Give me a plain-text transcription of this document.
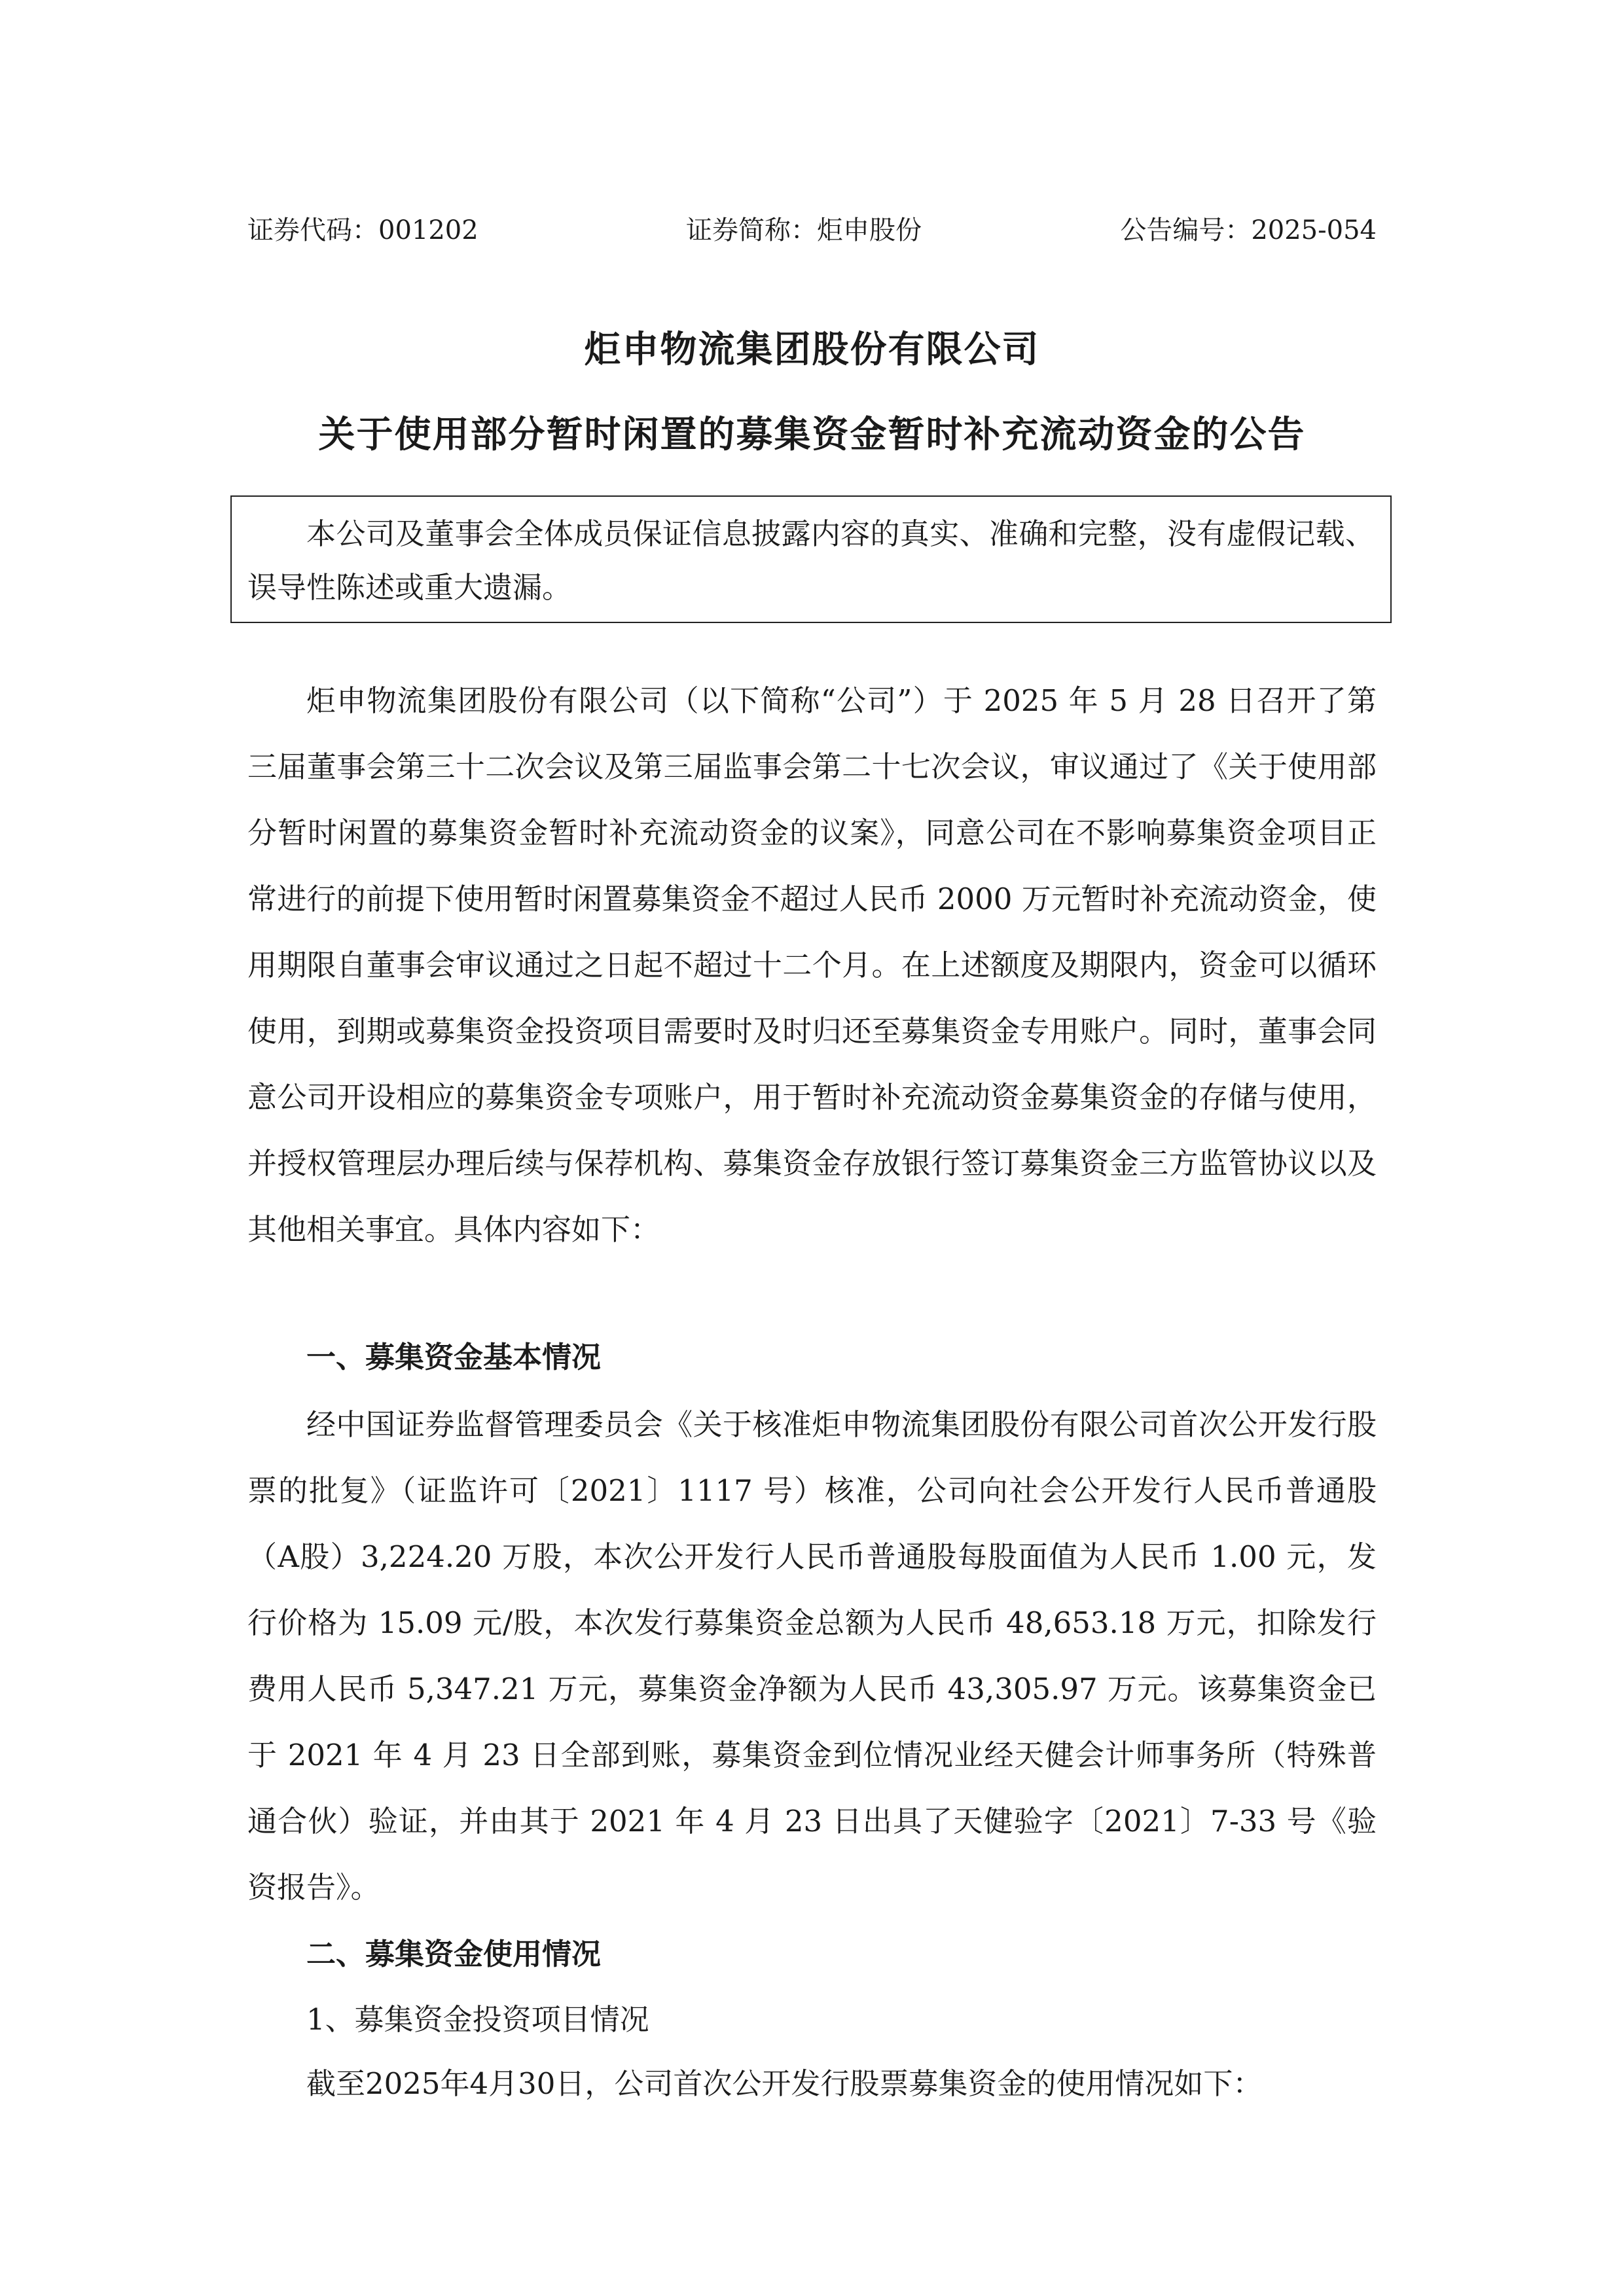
证券代码：001202	证券简称：炬申股份	公告编号：2025-054
炬申物流集团股份有限公司
关于使用部分暂时闲置的募集资金暂时补充流动资金的公告
本公司及董事会全体成员保证信息披露内容的真实、准确和完整，没有虚假记载、误导性陈述或重大遗漏。

炬申物流集团股份有限公司（以下简称“公司”）于 2025 年 5 月 28 日召开了第三届董事会第三十二次会议及第三届监事会第二十七次会议，审议通过了《关于使用部分暂时闲置的募集资金暂时补充流动资金的议案》，同意公司在不影响募集资金项目正常进行的前提下使用暂时闲置募集资金不超过人民币 2000 万元暂时补充流动资金，使用期限自董事会审议通过之日起不超过十二个月。在上述额度及期限内，资金可以循环使用，到期或募集资金投资项目需要时及时归还至募集资金专用账户。同时，董事会同意公司开设相应的募集资金专项账户，用于暂时补充流动资金募集资金的存储与使用，并授权管理层办理后续与保荐机构、募集资金存放银行签订募集资金三方监管协议以及其他相关事宜。具体内容如下：

一、募集资金基本情况

经中国证券监督管理委员会《关于核准炬申物流集团股份有限公司首次公开发行股票的批复》（证监许可〔2021〕1117 号）核准，公司向社会公开发行人民币普通股（A股）3,224.20 万股，本次公开发行人民币普通股每股面值为人民币 1.00 元，发行价格为 15.09 元/股，本次发行募集资金总额为人民币 48,653.18 万元，扣除发行费用人民币 5,347.21 万元，募集资金净额为人民币 43,305.97 万元。该募集资金已于 2021 年 4 月 23 日全部到账，募集资金到位情况业经天健会计师事务所（特殊普通合伙）验证，并由其于 2021 年 4 月 23 日出具了天健验字〔2021〕7-33 号《验资报告》。

二、募集资金使用情况

1、募集资金投资项目情况

截至2025年4月30日，公司首次公开发行股票募集资金的使用情况如下：
